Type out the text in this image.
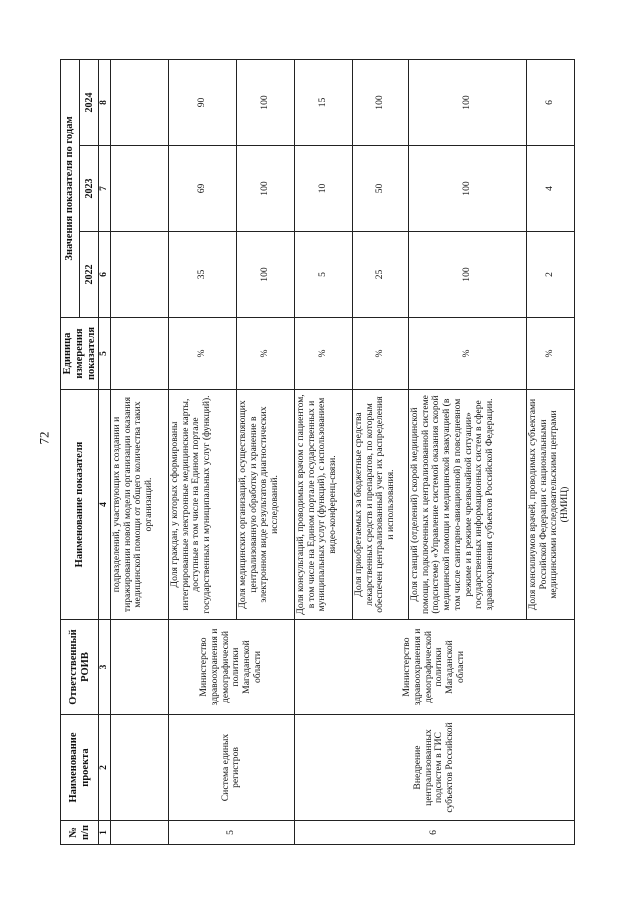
72
№ п/п	Наименование проекта	Ответственный РОИВ	Наименование показателя	Единица измерения показателя	Значения показателя по годам		
					2022	2023	2024
1	2	3	4	5	6	7	8
			подразделений, участвующих в создании и тиражировании новой модели организации оказания медицинской помощи от общего количества таких организаций.				
5	Система единых регистров	Министерство здравоохранения и демографической политики Магаданской области	Доля граждан, у которых сформированы интегрированные электронные медицинские карты, доступные в том числе на Едином портале государственных и муниципальных услуг (функций).	%	35	69	90
			Доля медицинских организаций, осуществляющих централизованную обработку и хранение в электронном виде результатов диагностических исследований.	%	100	100	100
6	Внедрение централизованных подсистем в ГИС субъектов Российской	Министерство здравоохранения и демографической политики Магаданской области	Доля консультаций, проводимых врачом с пациентом, в том числе на Едином портале государственных и муниципальных услуг (функций), с использованием видео-конференц-связи.	%	5	10	15
			Доля приобретаемых за бюджетные средства лекарственных средств и препаратов, по которым обеспечен централизованный учет их распределения и использования.	%	25	50	100
			Доля станций (отделений) скорой медицинской помощи, подключенных к централизованной системе (подсистеме) «Управление системой оказания скорой медицинской помощи и медицинской эвакуацией (в том числе санитарно-авиационной) в повседневном режиме и в режиме чрезвычайной ситуации» государственных информационных систем в сфере здравоохранения субъектов Российской Федерации.	%	100	100	100
			Доля консилиумов врачей, проводимых субъектами Российской Федерации с национальными медицинскими исследовательскими центрами (НМИЦ)	%	2	4	6
